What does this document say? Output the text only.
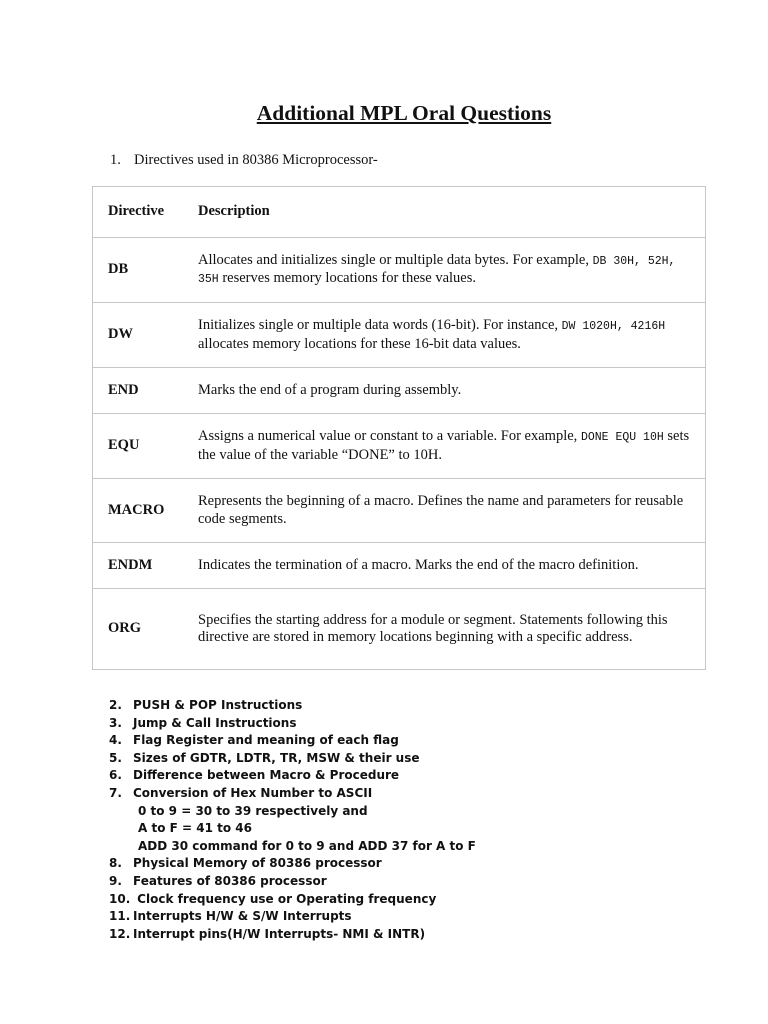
Additional MPL Oral Questions
1. Directives used in 80386 Microprocessor-
Directive	Description
DB	Allocates and initializes single or multiple data bytes. For example, DB 30H, 52H, 35H reserves memory locations for these values.
DW	Initializes single or multiple data words (16-bit). For instance, DW 1020H, 4216H allocates memory locations for these 16-bit data values.
END	Marks the end of a program during assembly.
EQU	Assigns a numerical value or constant to a variable. For example, DONE EQU 10H sets the value of the variable “DONE” to 10H.
MACRO	Represents the beginning of a macro. Defines the name and parameters for reusable code segments.
ENDM	Indicates the termination of a macro. Marks the end of the macro definition.
ORG	Specifies the starting address for a module or segment. Statements following this directive are stored in memory locations beginning with a specific address.
2. PUSH & POP Instructions
3. Jump & Call Instructions
4. Flag Register and meaning of each flag
5. Sizes of GDTR, LDTR, TR, MSW & their use
6. Difference between Macro & Procedure
7. Conversion of Hex Number to ASCII
0 to 9 = 30 to 39 respectively and
A to F = 41 to 46
ADD 30 command for 0 to 9 and ADD 37 for A to F
8. Physical Memory of 80386 processor
9. Features of 80386 processor
10. Clock frequency use or Operating frequency
11. Interrupts H/W & S/W Interrupts
12. Interrupt pins(H/W Interrupts- NMI & INTR)
